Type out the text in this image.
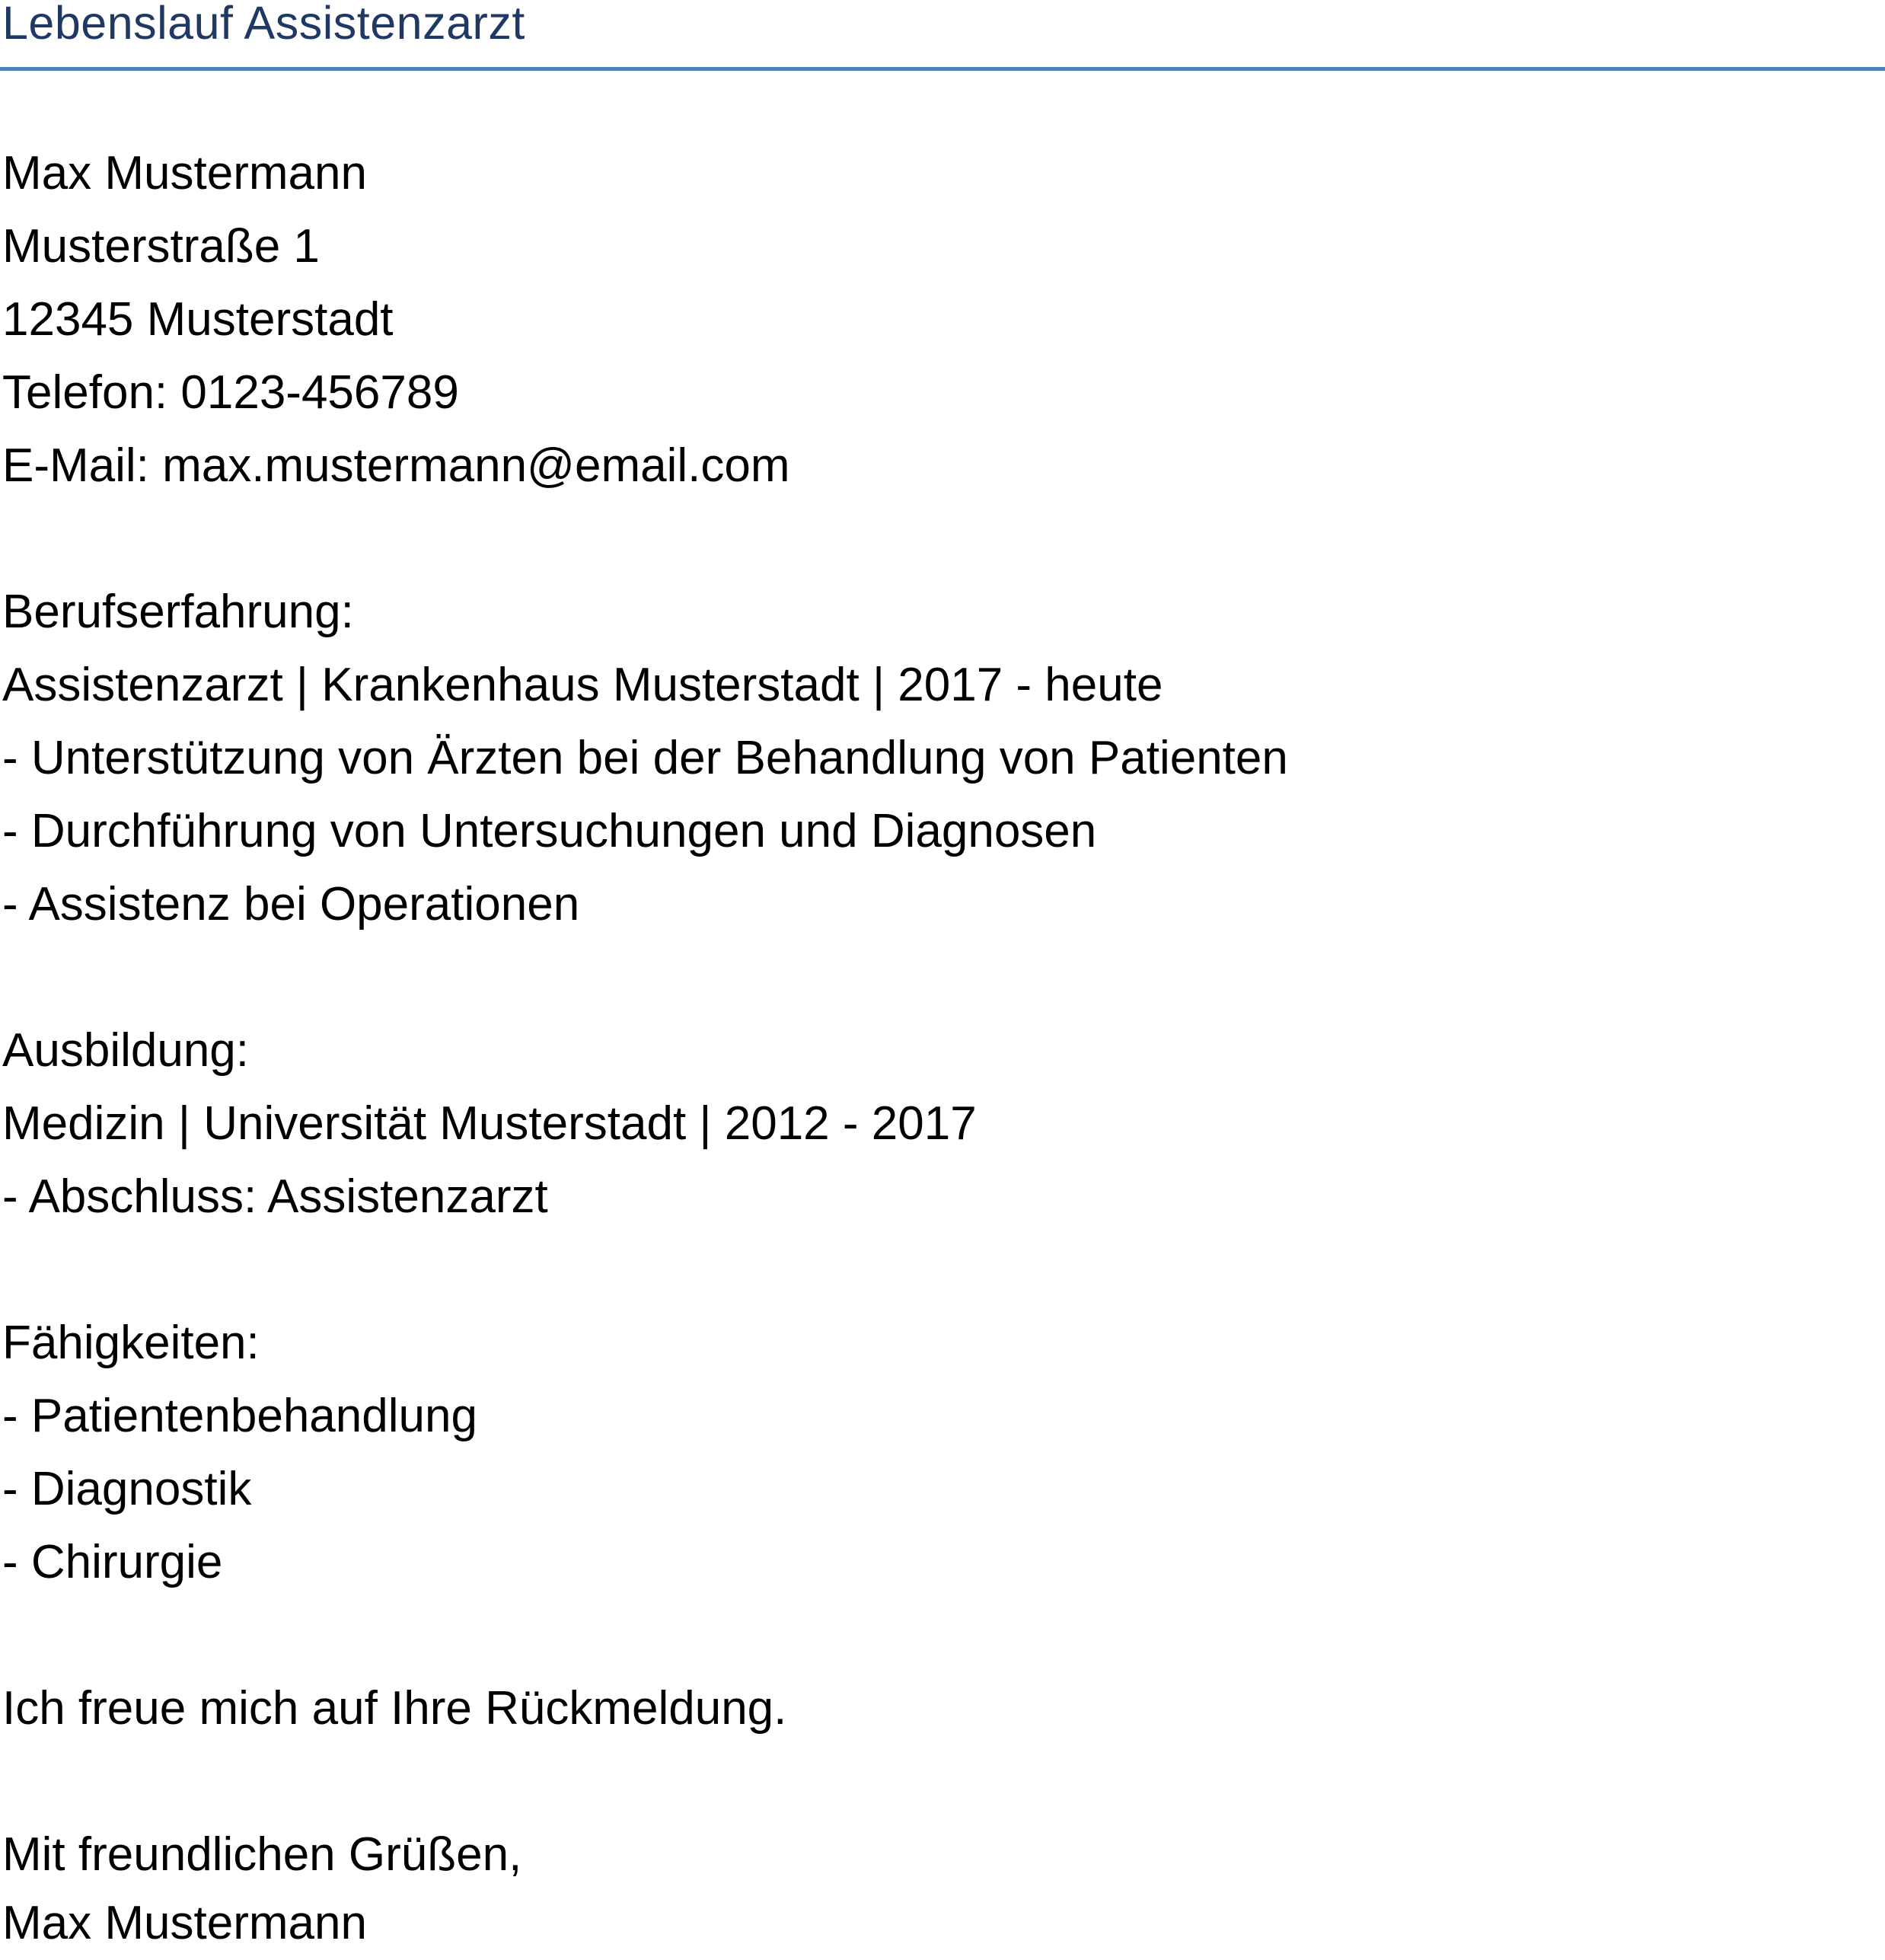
Lebenslauf Assistenzarzt
Max Mustermann
Musterstraße 1
12345 Musterstadt
Telefon: 0123-456789
E-Mail: max.mustermann@email.com
Berufserfahrung:
Assistenzarzt | Krankenhaus Musterstadt | 2017 - heute
- Unterstützung von Ärzten bei der Behandlung von Patienten
- Durchführung von Untersuchungen und Diagnosen
- Assistenz bei Operationen
Ausbildung:
Medizin | Universität Musterstadt | 2012 - 2017
- Abschluss: Assistenzarzt
Fähigkeiten:
- Patientenbehandlung
- Diagnostik
- Chirurgie
Ich freue mich auf Ihre Rückmeldung.
Mit freundlichen Grüßen,
Max Mustermann
